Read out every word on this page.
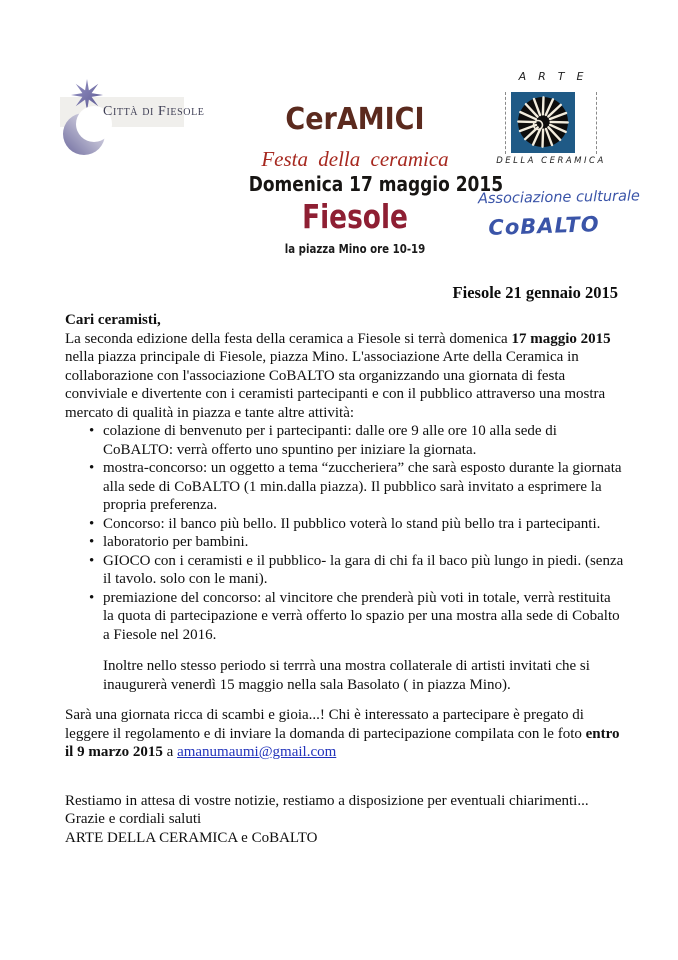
Città di Fiesole	CerAMICI
Festa della ceramica
Domenica 17 maggio 2015
Fiesole
la piazza Mino ore 10-19
ARTE
DELLA CERAMICA
Associazione culturale
CoBALTO
Fiesole 21 gennaio 2015

Cari ceramisti,

La seconda edizione della festa della ceramica a Fiesole si terrà domenica 17 maggio 2015 nella piazza principale di Fiesole, piazza Mino. L'associazione Arte della Ceramica in collaborazione con l'associazione CoBALTO sta organizzando una giornata di festa conviviale e divertente con i ceramisti partecipanti e con il pubblico attraverso una mostra mercato di qualità in piazza e tante altre attività:

• colazione di benvenuto per i partecipanti: dalle ore 9 alle ore 10 alla sede di CoBALTO: verrà offerto uno spuntino per iniziare la giornata.
• mostra-concorso: un oggetto a tema “zuccheriera” che sarà esposto durante la giornata alla sede di CoBALTO (1 min.dalla piazza). Il pubblico sarà invitato a esprimere la propria preferenza.
• Concorso: il banco più bello. Il pubblico voterà lo stand più bello tra i partecipanti.
• laboratorio per bambini.
• GIOCO con i ceramisti e il pubblico- la gara di chi fa il baco più lungo in piedi. (senza il tavolo. solo con le mani).
• premiazione del concorso: al vincitore che prenderà più voti in totale, verrà restituita la quota di partecipazione e verrà offerto lo spazio per una mostra alla sede di Cobalto a Fiesole nel 2016.

Inoltre nello stesso periodo si terrrà una mostra collaterale di artisti invitati che si inaugurerà venerdì 15 maggio nella sala Basolato ( in piazza Mino).

Sarà una giornata ricca di scambi e gioia...! Chi è interessato a partecipare è pregato di leggere il regolamento e di inviare la domanda di partecipazione compilata con le foto entro il 9 marzo 2015 a amanumaumi@gmail.com

Restiamo in attesa di vostre notizie, restiamo a disposizione per eventuali chiarimenti...

Grazie e cordiali saluti

ARTE DELLA CERAMICA e CoBALTO
